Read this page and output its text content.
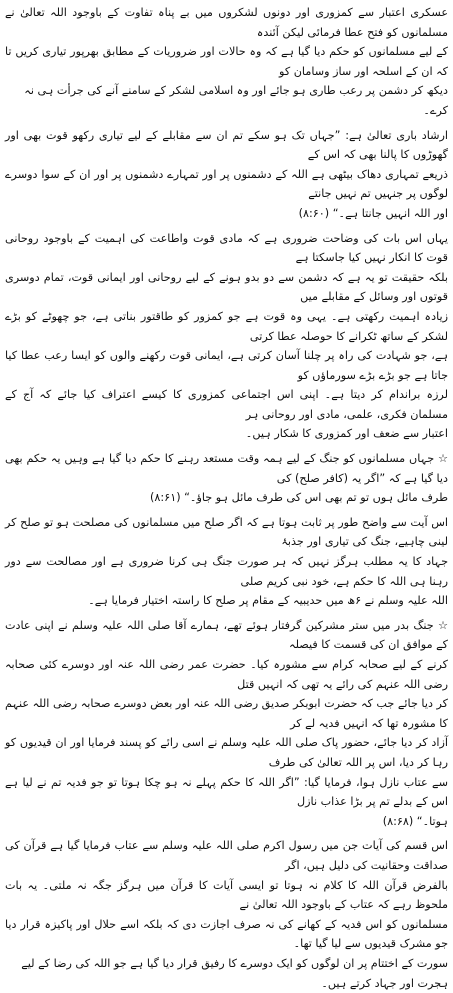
عسکری اعتبار سے کمزوری اور دونوں لشکروں میں بے پناہ تفاوت کے باوجود اللہ تعالیٰ نے مسلمانوں کو فتح عطا فرمائی لیکن آئندہ

کے لیے مسلمانوں کو حکم دیا گیا ہے کہ وہ حالات اور ضروریات کے مطابق بھرپور تیاری کریں تا کہ ان کے اسلحہ اور ساز وسامان کو

دیکھ کر دشمن پر رعب طاری ہو جائے اور وہ اسلامی لشکر کے سامنے آنے کی جرأت ہی نہ کرے۔

ارشاد باری تعالیٰ ہے: ”جہاں تک ہو سکے تم ان سے مقابلے کے لیے تیاری رکھو قوت بھی اور گھوڑوں کا پالنا بھی کہ اس کے

ذریعے تمہاری دھاک بیٹھی ہے اللہ کے دشمنوں پر اور تمہارے دشمنوں پر اور ان کے سوا دوسرے لوگوں پر جنہیں تم نہیں جانتے

اور اللہ انہیں جانتا ہے۔“ (۸:۶۰)

یہاں اس بات کی وضاحت ضروری ہے کہ مادی قوت واطاعت کی اہمیت کے باوجود روحانی قوت کا انکار نہیں کیا جاسکتا ہے

بلکہ حقیقت تو یہ ہے کہ دشمن سے دو بدو ہونے کے لیے روحانی اور ایمانی قوت، تمام دوسری قوتوں اور وسائل کے مقابلے میں

زیادہ اہمیت رکھتی ہے۔ یہی وہ قوت ہے جو کمزور کو طاقتور بناتی ہے، جو چھوٹے کو بڑے لشکر کے ساتھ ٹکرانے کا حوصلہ عطا کرتی

ہے، جو شہادت کی راہ پر چلنا آسان کرتی ہے، ایمانی قوت رکھنے والوں کو ایسا رعب عطا کیا جاتا ہے جو بڑے بڑے سورماؤں کو

لرزہ براندام کر دیتا ہے۔ اپنی اس اجتماعی کمزوری کا کیسے اعتراف کیا جائے کہ آج کے مسلمان فکری، علمی، مادی اور روحانی ہر

اعتبار سے ضعف اور کمزوری کا شکار ہیں۔

☆ جہاں مسلمانوں کو جنگ کے لیے ہمہ وقت مستعد رہنے کا حکم دیا گیا ہے وہیں یہ حکم بھی دیا گیا ہے کہ ”اگر یہ (کافر صلح) کی

طرف مائل ہوں تو تم بھی اس کی طرف مائل ہو جاؤ۔“ (۸:۶۱)

اس آیت سے واضح طور پر ثابت ہوتا ہے کہ اگر صلح میں مسلمانوں کی مصلحت ہو تو صلح کر لینی چاہیے، جنگ کی تیاری اور جذبۂ

جہاد کا یہ مطلب ہرگز نہیں کہ ہر صورت جنگ ہی کرنا ضروری ہے اور مصالحت سے دور رہنا ہی اللہ کا حکم ہے، خود نبی کریم صلی

اللہ علیہ وسلم نے ۶ھ میں حدیبیہ کے مقام پر صلح کا راستہ اختیار فرمایا ہے۔

☆ جنگ بدر میں ستر مشرکین گرفتار ہوئے تھے، ہمارے آقا صلی اللہ علیہ وسلم نے اپنی عادت کے موافق ان کی قسمت کا فیصلہ

کرنے کے لیے صحابہ کرام سے مشورہ کیا۔ حضرت عمر رضی اللہ عنہ اور دوسرے کئی صحابہ رضی اللہ عنہم کی رائے یہ تھی کہ انہیں قتل

کر دیا جائے جب کہ حضرت ابوبکر صدیق رضی اللہ عنہ اور بعض دوسرے صحابہ رضی اللہ عنہم کا مشورہ تھا کہ انہیں فدیہ لے کر

آزاد کر دیا جائے، حضور پاک صلی اللہ علیہ وسلم نے اسی رائے کو پسند فرمایا اور ان قیدیوں کو رہا کر دیا، اس پر اللہ تعالیٰ کی طرف

سے عتاب نازل ہوا، فرمایا گیا: ”اگر اللہ کا حکم پہلے نہ ہو چکا ہوتا تو جو فدیہ تم نے لیا ہے اس کے بدلے تم پر بڑا عذاب نازل

ہوتا۔“ (۸:۶۸)

اس قسم کی آیات جن میں رسول اکرم صلی اللہ علیہ وسلم سے عتاب فرمایا گیا ہے قرآن کی صداقت وحقانیت کی دلیل ہیں، اگر

بالفرض قرآن اللہ کا کلام نہ ہوتا تو ایسی آیات کا قرآن میں ہرگز جگہ نہ ملتی۔ یہ بات ملحوظ رہے کہ عتاب کے باوجود اللہ تعالیٰ نے

مسلمانوں کو اس فدیہ کے کھانے کی نہ صرف اجازت دی کہ بلکہ اسے حلال اور پاکیزہ قرار دیا جو مشرک قیدیوں سے لیا گیا تھا۔

سورت کے اختتام پر ان لوگوں کو ایک دوسرے کا رفیق قرار دیا گیا ہے جو اللہ کی رضا کے لیے ہجرت اور جہاد کرتے ہیں۔
